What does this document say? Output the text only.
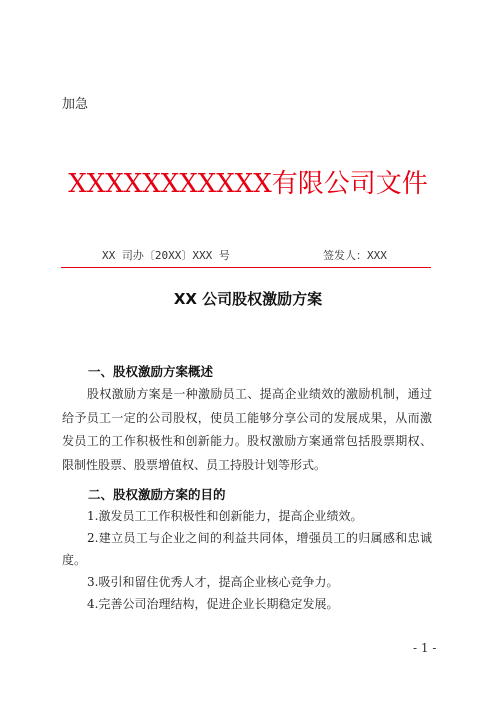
加急
XXXXXXXXXXX有限公司文件
XX 司办〔20XX〕XXX 号	签发人：XXX
XX 公司股权激励方案
一、股权激励方案概述

股权激励方案是一种激励员工、提高企业绩效的激励机制，通过给予员工一定的公司股权，使员工能够分享公司的发展成果，从而激发员工的工作积极性和创新能力。股权激励方案通常包括股票期权、限制性股票、股票增值权、员工持股计划等形式。

二、股权激励方案的目的
1.激发员工工作积极性和创新能力，提高企业绩效。
2.建立员工与企业之间的利益共同体，增强员工的归属感和忠诚度。
3.吸引和留住优秀人才，提高企业核心竞争力。
4.完善公司治理结构，促进企业长期稳定发展。
- 1 -
